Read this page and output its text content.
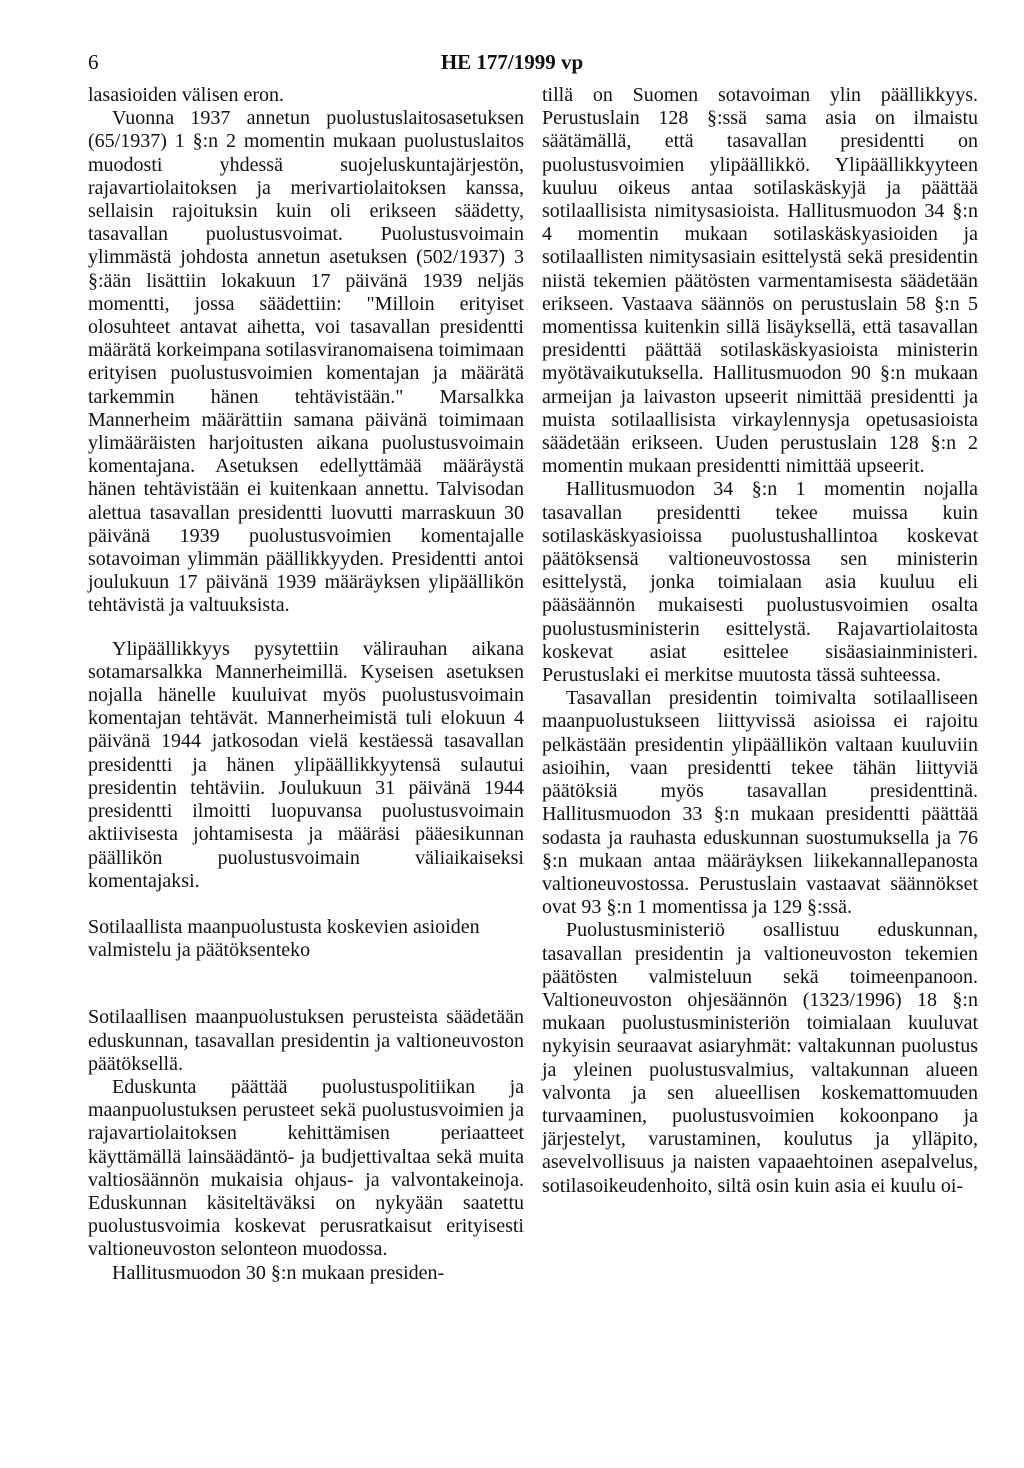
6	HE 177/1999 vp

lasasioiden välisen eron.

Vuonna 1937 annetun puolustuslaitosasetuksen (65/1937) 1 §:n 2 momentin mukaan puolustuslaitos muodosti yhdessä suojeluskuntajärjestön, rajavartiolaitoksen ja merivartiolaitoksen kanssa, sellaisin rajoituksin kuin oli erikseen säädetty, tasavallan puolustusvoimat. Puolustusvoimain ylimmästä johdosta annetun asetuksen (502/1937) 3 §:ään lisättiin lokakuun 17 päivänä 1939 neljäs momentti, jossa säädettiin: "Milloin erityiset olosuhteet antavat aihetta, voi tasavallan presidentti määrätä korkeimpana sotilasviranomaisena toimimaan erityisen puolustusvoimien komentajan ja määrätä tarkemmin hänen tehtävistään." Marsalkka Mannerheim määrättiin samana päivänä toimimaan ylimääräisten harjoitusten aikana puolustusvoimain komentajana. Asetuksen edellyttämää määräystä hänen tehtävistään ei kuitenkaan annettu. Talvisodan alettua tasavallan presidentti luovutti marraskuun 30 päivänä 1939 puolustusvoimien komentajalle sotavoiman ylimmän päällikkyyden. Presidentti antoi joulukuun 17 päivänä 1939 määräyksen ylipäällikön tehtävistä ja valtuuksista.

Ylipäällikkyys pysytettiin välirauhan aikana sotamarsalkka Mannerheimillä. Kyseisen asetuksen nojalla hänelle kuuluivat myös puolustusvoimain komentajan tehtävät. Mannerheimistä tuli elokuun 4 päivänä 1944 jatkosodan vielä kestäessä tasavallan presidentti ja hänen ylipäällikkyytensä sulautui presidentin tehtäviin. Joulukuun 31 päivänä 1944 presidentti ilmoitti luopuvansa puolustusvoimain aktiivisesta johtamisesta ja määräsi pääesikunnan päällikön puolustusvoimain väliaikaiseksi komentajaksi.

Sotilaallista maanpuolustusta koskevien asioiden valmistelu ja päätöksenteko

Sotilaallisen maanpuolustuksen perusteista säädetään eduskunnan, tasavallan presidentin ja valtioneuvoston päätöksellä.

Eduskunta päättää puolustuspolitiikan ja maanpuolustuksen perusteet sekä puolustusvoimien ja rajavartiolaitoksen kehittämisen periaatteet käyttämällä lainsäädäntö- ja budjettivaltaa sekä muita valtiosäännön mukaisia ohjaus- ja valvontakeinoja. Eduskunnan käsiteltäväksi on nykyään saatettu puolustusvoimia koskevat perusratkaisut erityisesti valtioneuvoston selonteon muodossa.

Hallitusmuodon 30 §:n mukaan presiden-

tillä on Suomen sotavoiman ylin päällikkyys. Perustuslain 128 §:ssä sama asia on ilmaistu säätämällä, että tasavallan presidentti on puolustusvoimien ylipäällikkö. Ylipäällikkyyteen kuuluu oikeus antaa sotilaskäskyjä ja päättää sotilaallisista nimitysasioista. Hallitusmuodon 34 §:n 4 momentin mukaan sotilaskäskyasioiden ja sotilaallisten nimitysasiain esittelystä sekä presidentin niistä tekemien päätösten varmentamisesta säädetään erikseen. Vastaava säännös on perustuslain 58 §:n 5 momentissa kuitenkin sillä lisäyksellä, että tasavallan presidentti päättää sotilaskäskyasioista ministerin myötävaikutuksella. Hallitusmuodon 90 §:n mukaan armeijan ja laivaston upseerit nimittää presidentti ja muista sotilaallisista virkaylennysja opetusasioista säädetään erikseen. Uuden perustuslain 128 §:n 2 momentin mukaan presidentti nimittää upseerit.

Hallitusmuodon 34 §:n 1 momentin nojalla tasavallan presidentti tekee muissa kuin sotilaskäskyasioissa puolustushallintoa koskevat päätöksensä valtioneuvostossa sen ministerin esittelystä, jonka toimialaan asia kuuluu eli pääsäännön mukaisesti puolustusvoimien osalta puolustusministerin esittelystä. Rajavartiolaitosta koskevat asiat esittelee sisäasiainministeri. Perustuslaki ei merkitse muutosta tässä suhteessa.

Tasavallan presidentin toimivalta sotilaalliseen maanpuolustukseen liittyvissä asioissa ei rajoitu pelkästään presidentin ylipäällikön valtaan kuuluviin asioihin, vaan presidentti tekee tähän liittyviä päätöksiä myös tasavallan presidenttinä. Hallitusmuodon 33 §:n mukaan presidentti päättää sodasta ja rauhasta eduskunnan suostumuksella ja 76 §:n mukaan antaa määräyksen liikekannallepanosta valtioneuvostossa. Perustuslain vastaavat säännökset ovat 93 §:n 1 momentissa ja 129 §:ssä.

Puolustusministeriö osallistuu eduskunnan, tasavallan presidentin ja valtioneuvoston tekemien päätösten valmisteluun sekä toimeenpanoon. Valtioneuvoston ohjesäännön (1323/1996) 18 §:n mukaan puolustusministeriön toimialaan kuuluvat nykyisin seuraavat asiaryhmät: valtakunnan puolustus ja yleinen puolustusvalmius, valtakunnan alueen valvonta ja sen alueellisen koskemattomuuden turvaaminen, puolustusvoimien kokoonpano ja järjestelyt, varustaminen, koulutus ja ylläpito, asevelvollisuus ja naisten vapaaehtoinen asepalvelus, sotilasoikeudenhoito, siltä osin kuin asia ei kuulu oi-
